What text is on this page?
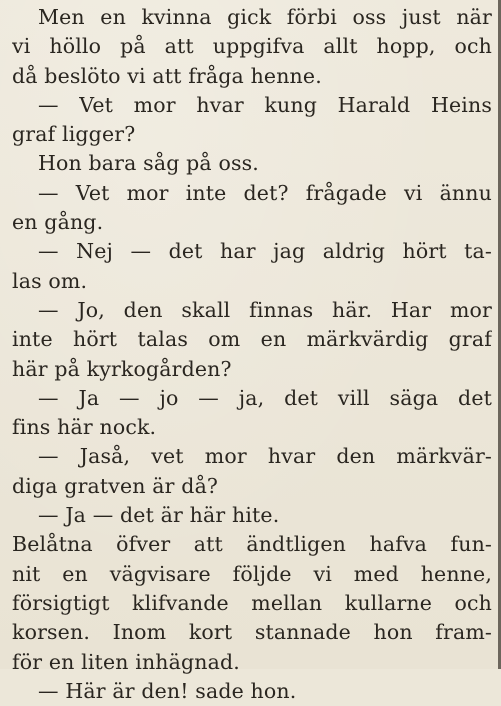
Men en kvinna gick förbi oss just när
vi höllo på att uppgifva allt hopp, och
då beslöto vi att fråga henne.
— Vet mor hvar kung Harald Heins
graf ligger?
Hon bara såg på oss.
— Vet mor inte det? frågade vi ännu
en gång.
— Nej — det har jag aldrig hört ta-
las om.
— Jo, den skall finnas här. Har mor
inte hört talas om en märkvärdig graf
här på kyrkogården?
— Ja — jo — ja, det vill säga det
fins här nock.
— Jaså, vet mor hvar den märkvär-
diga gratven är då?
— Ja — det är här hite.
Belåtna öfver att ändtligen hafva fun-
nit en vägvisare följde vi med henne,
försigtigt klifvande mellan kullarne och
korsen. Inom kort stannade hon fram-
för en liten inhägnad.
— Här är den! sade hon.
